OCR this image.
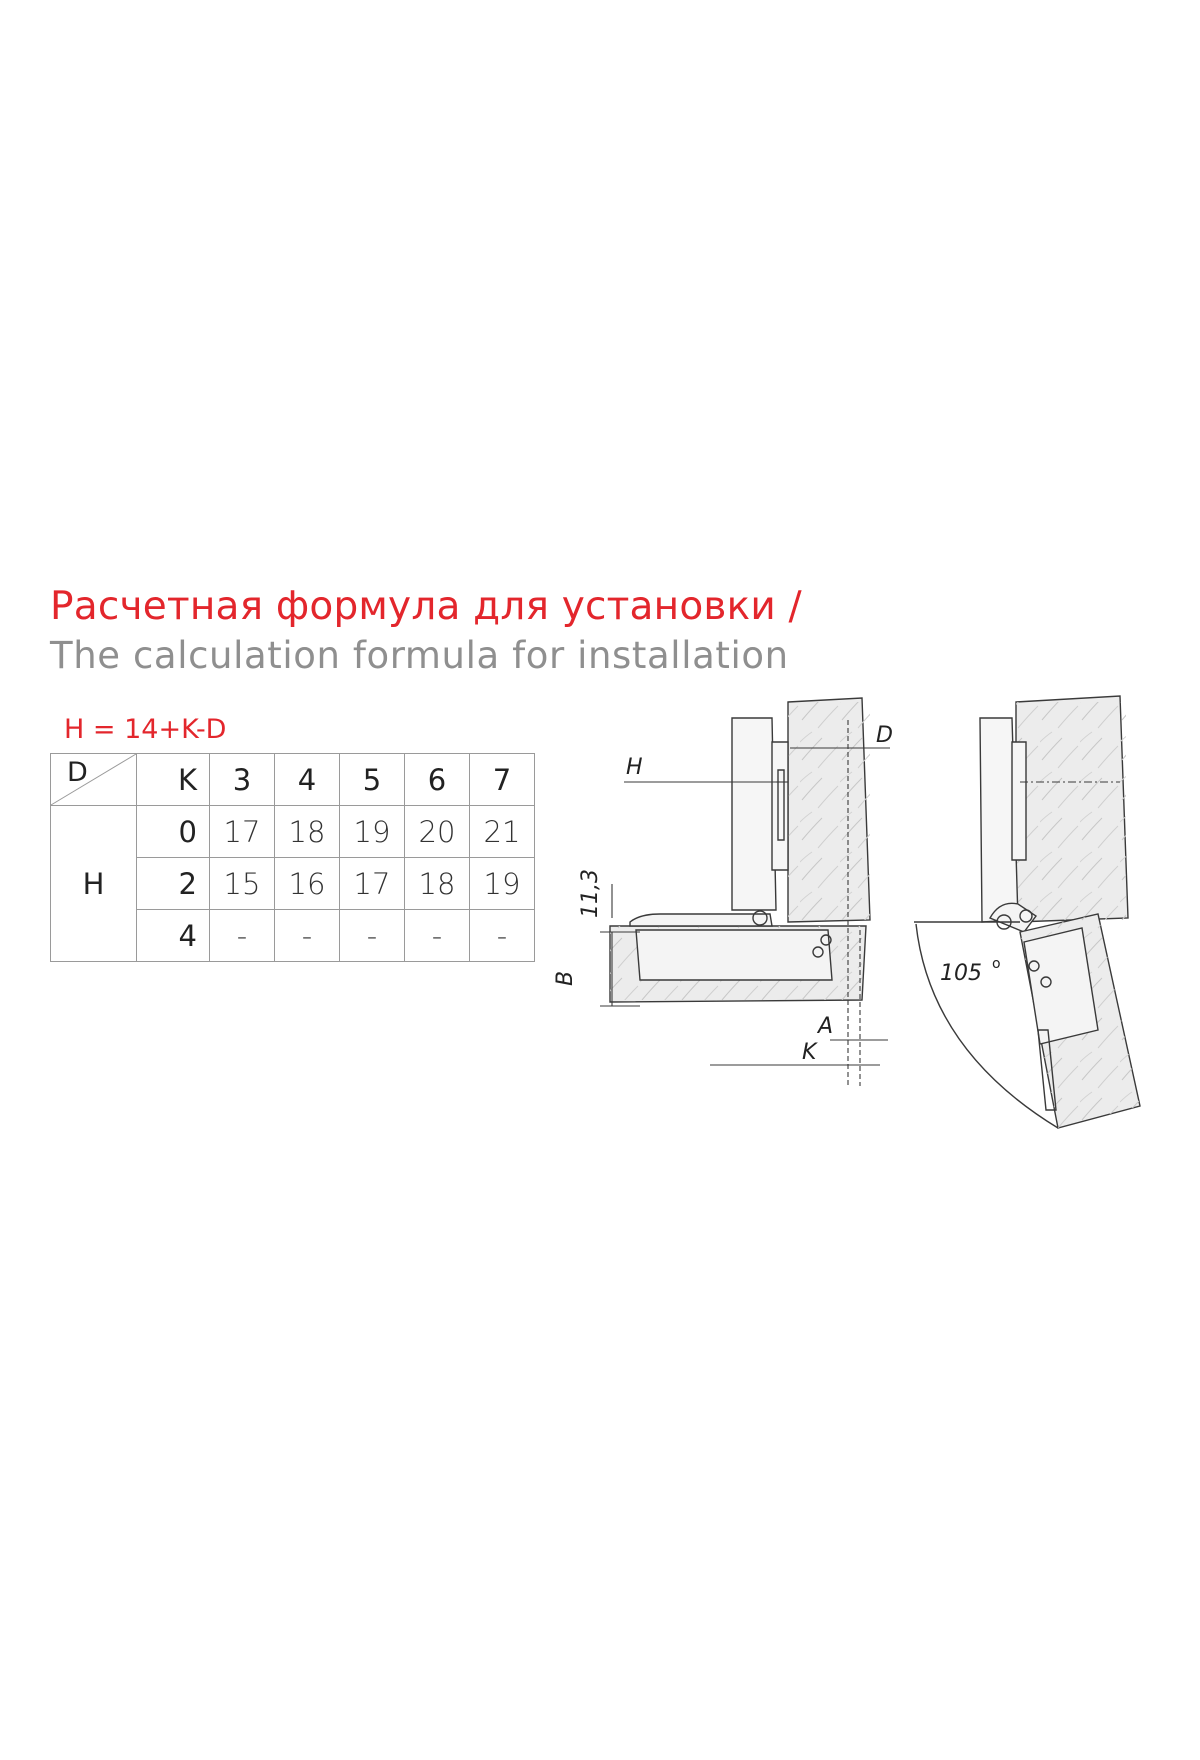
Расчетная формула для установки /
The calculation formula for installation
H = 14+K-D
D	K	3	4	5	6	7
H	0	17	18	19	20	21
	2	15	16	17	18	19
	4	-	-	-	-	-
D
H
11,3
B
A
K
105 o
